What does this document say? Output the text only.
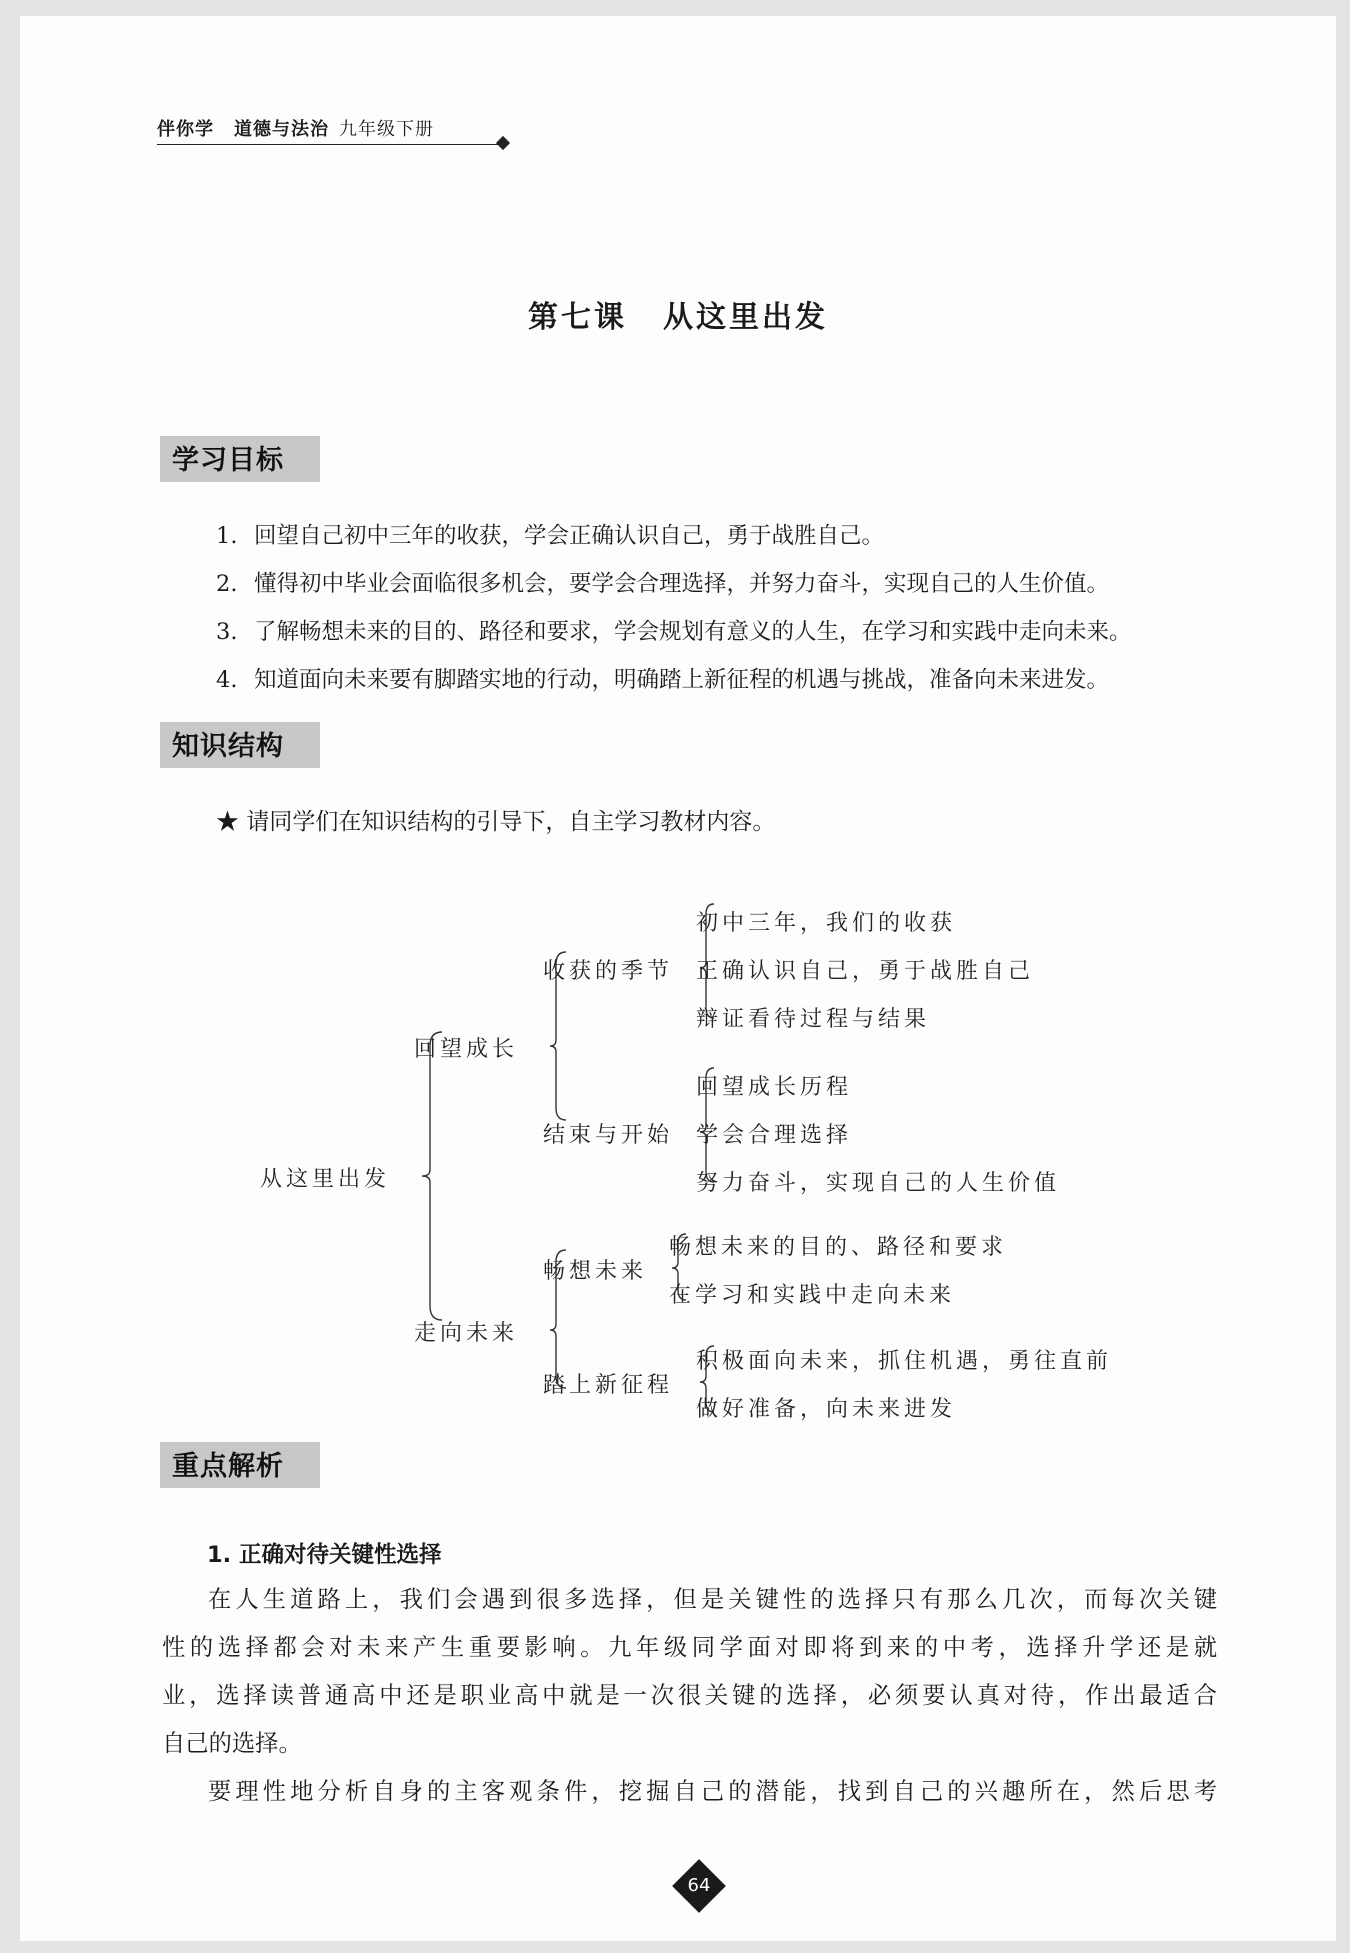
伴你学 道德与法治 九年级下册
第七课 从这里出发
学习目标
1. 回望自己初中三年的收获，学会正确认识自己，勇于战胜自己。
2. 懂得初中毕业会面临很多机会，要学会合理选择，并努力奋斗，实现自己的人生价值。
3. 了解畅想未来的目的、路径和要求，学会规划有意义的人生，在学习和实践中走向未来。
4. 知道面向未来要有脚踏实地的行动，明确踏上新征程的机遇与挑战，准备向未来进发。
知识结构
★ 请同学们在知识结构的引导下，自主学习教材内容。
从这里出发
回望成长
走向未来
收获的季节
结束与开始
畅想未来
踏上新征程
初中三年，我们的收获
正确认识自己，勇于战胜自己
辩证看待过程与结果
回望成长历程
学会合理选择
努力奋斗，实现自己的人生价值
畅想未来的目的、路径和要求
在学习和实践中走向未来
积极面向未来，抓住机遇，勇往直前
做好准备，向未来进发
重点解析
1. 正确对待关键性选择
在人生道路上，我们会遇到很多选择，但是关键性的选择只有那么几次，而每次关键
性的选择都会对未来产生重要影响。九年级同学面对即将到来的中考，选择升学还是就
业，选择读普通高中还是职业高中就是一次很关键的选择，必须要认真对待，作出最适合
自己的选择。
要理性地分析自身的主客观条件，挖掘自己的潜能，找到自己的兴趣所在，然后思考
64
